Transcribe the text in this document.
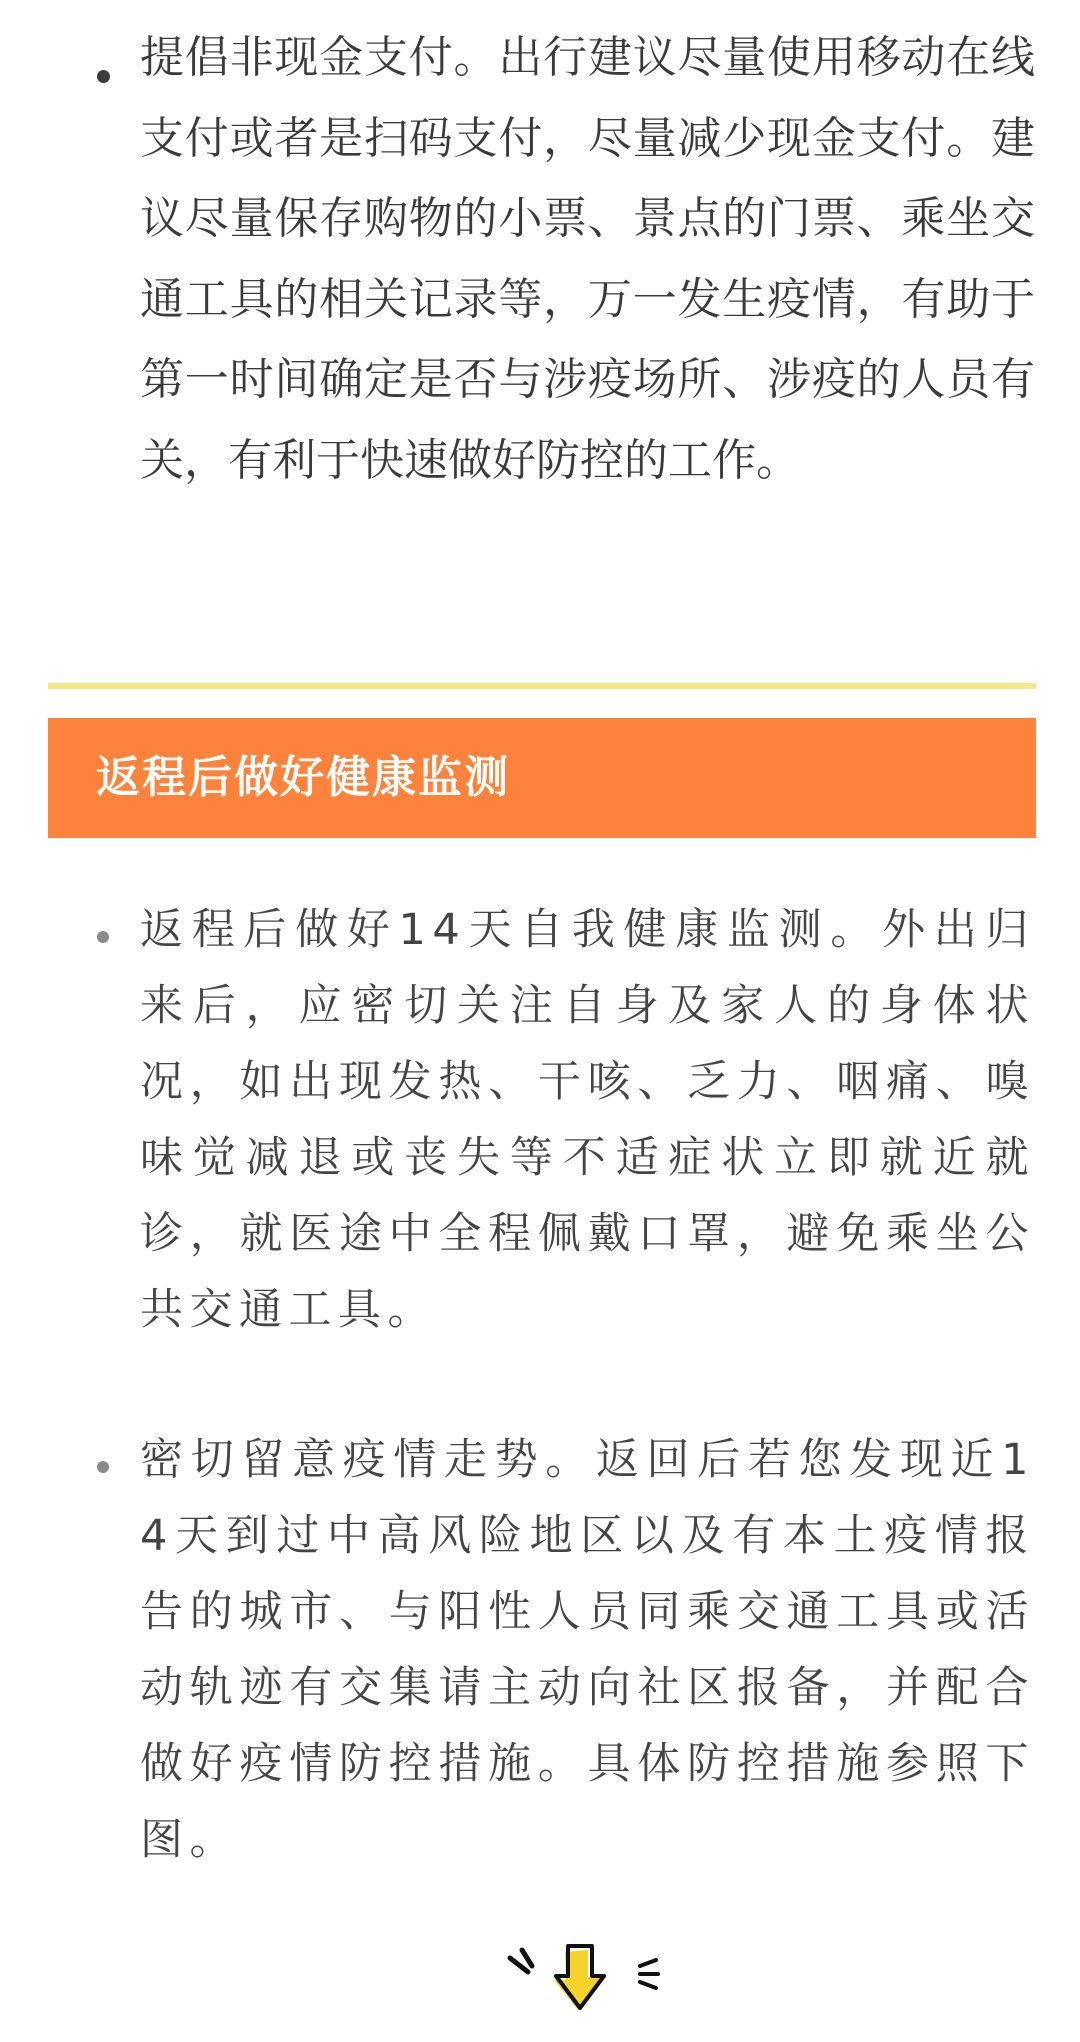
提倡非现金支付。出行建议尽量使用移动在线支付或者是扫码支付，尽量减少现金支付。建议尽量保存购物的小票、景点的门票、乘坐交通工具的相关记录等，万一发生疫情，有助于第一时间确定是否与涉疫场所、涉疫的人员有关，有利于快速做好防控的工作。

返程后做好健康监测

返程后做好14天自我健康监测。外出归来后，应密切关注自身及家人的身体状况，如出现发热、干咳、乏力、咽痛、嗅味觉减退或丧失等不适症状立即就近就诊，就医途中全程佩戴口罩，避免乘坐公共交通工具。

密切留意疫情走势。返回后若您发现近14天到过中高风险地区以及有本土疫情报告的城市、与阳性人员同乘交通工具或活动轨迹有交集请主动向社区报备，并配合做好疫情防控措施。具体防控措施参照下图。
